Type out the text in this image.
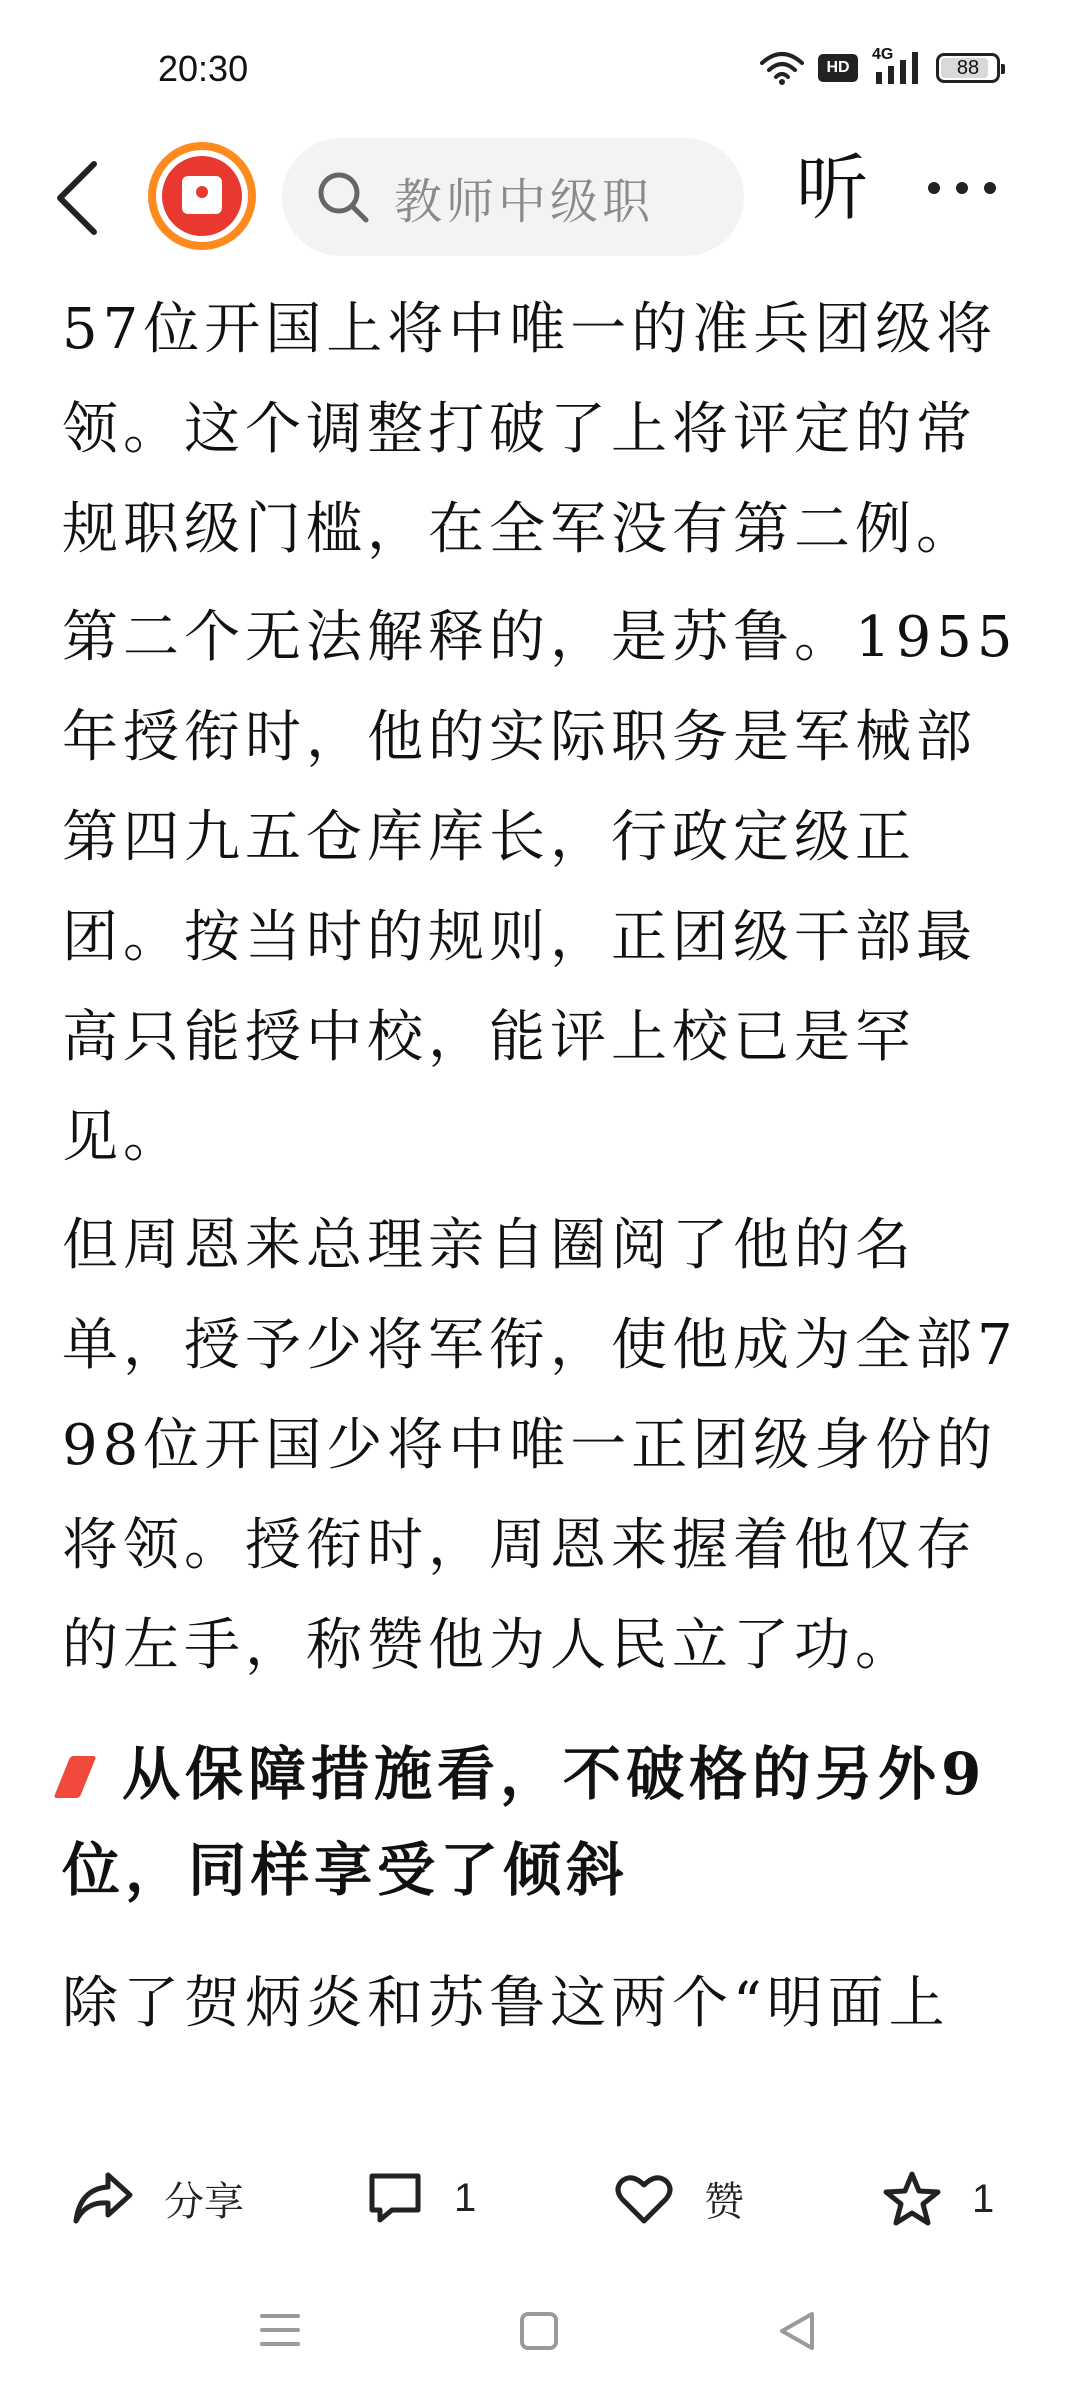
20:30	HD
4G
88
教师中级职 听

57位开国上将中唯一的准兵团级将领。这个调整打破了上将评定的常规职级门槛，在全军没有第二例。

第二个无法解释的，是苏鲁。1955年授衔时，他的实际职务是军械部第四九五仓库库长，行政定级正团。按当时的规则，正团级干部最高只能授中校，能评上校已是罕见。

但周恩来总理亲自圈阅了他的名单，授予少将军衔，使他成为全部798位开国少将中唯一正团级身份的将领。授衔时，周恩来握着他仅存的左手，称赞他为人民立了功。

从保障措施看，不破格的另外9位，同样享受了倾斜

除了贺炳炎和苏鲁这两个“明面上

分享	1	赞	1
